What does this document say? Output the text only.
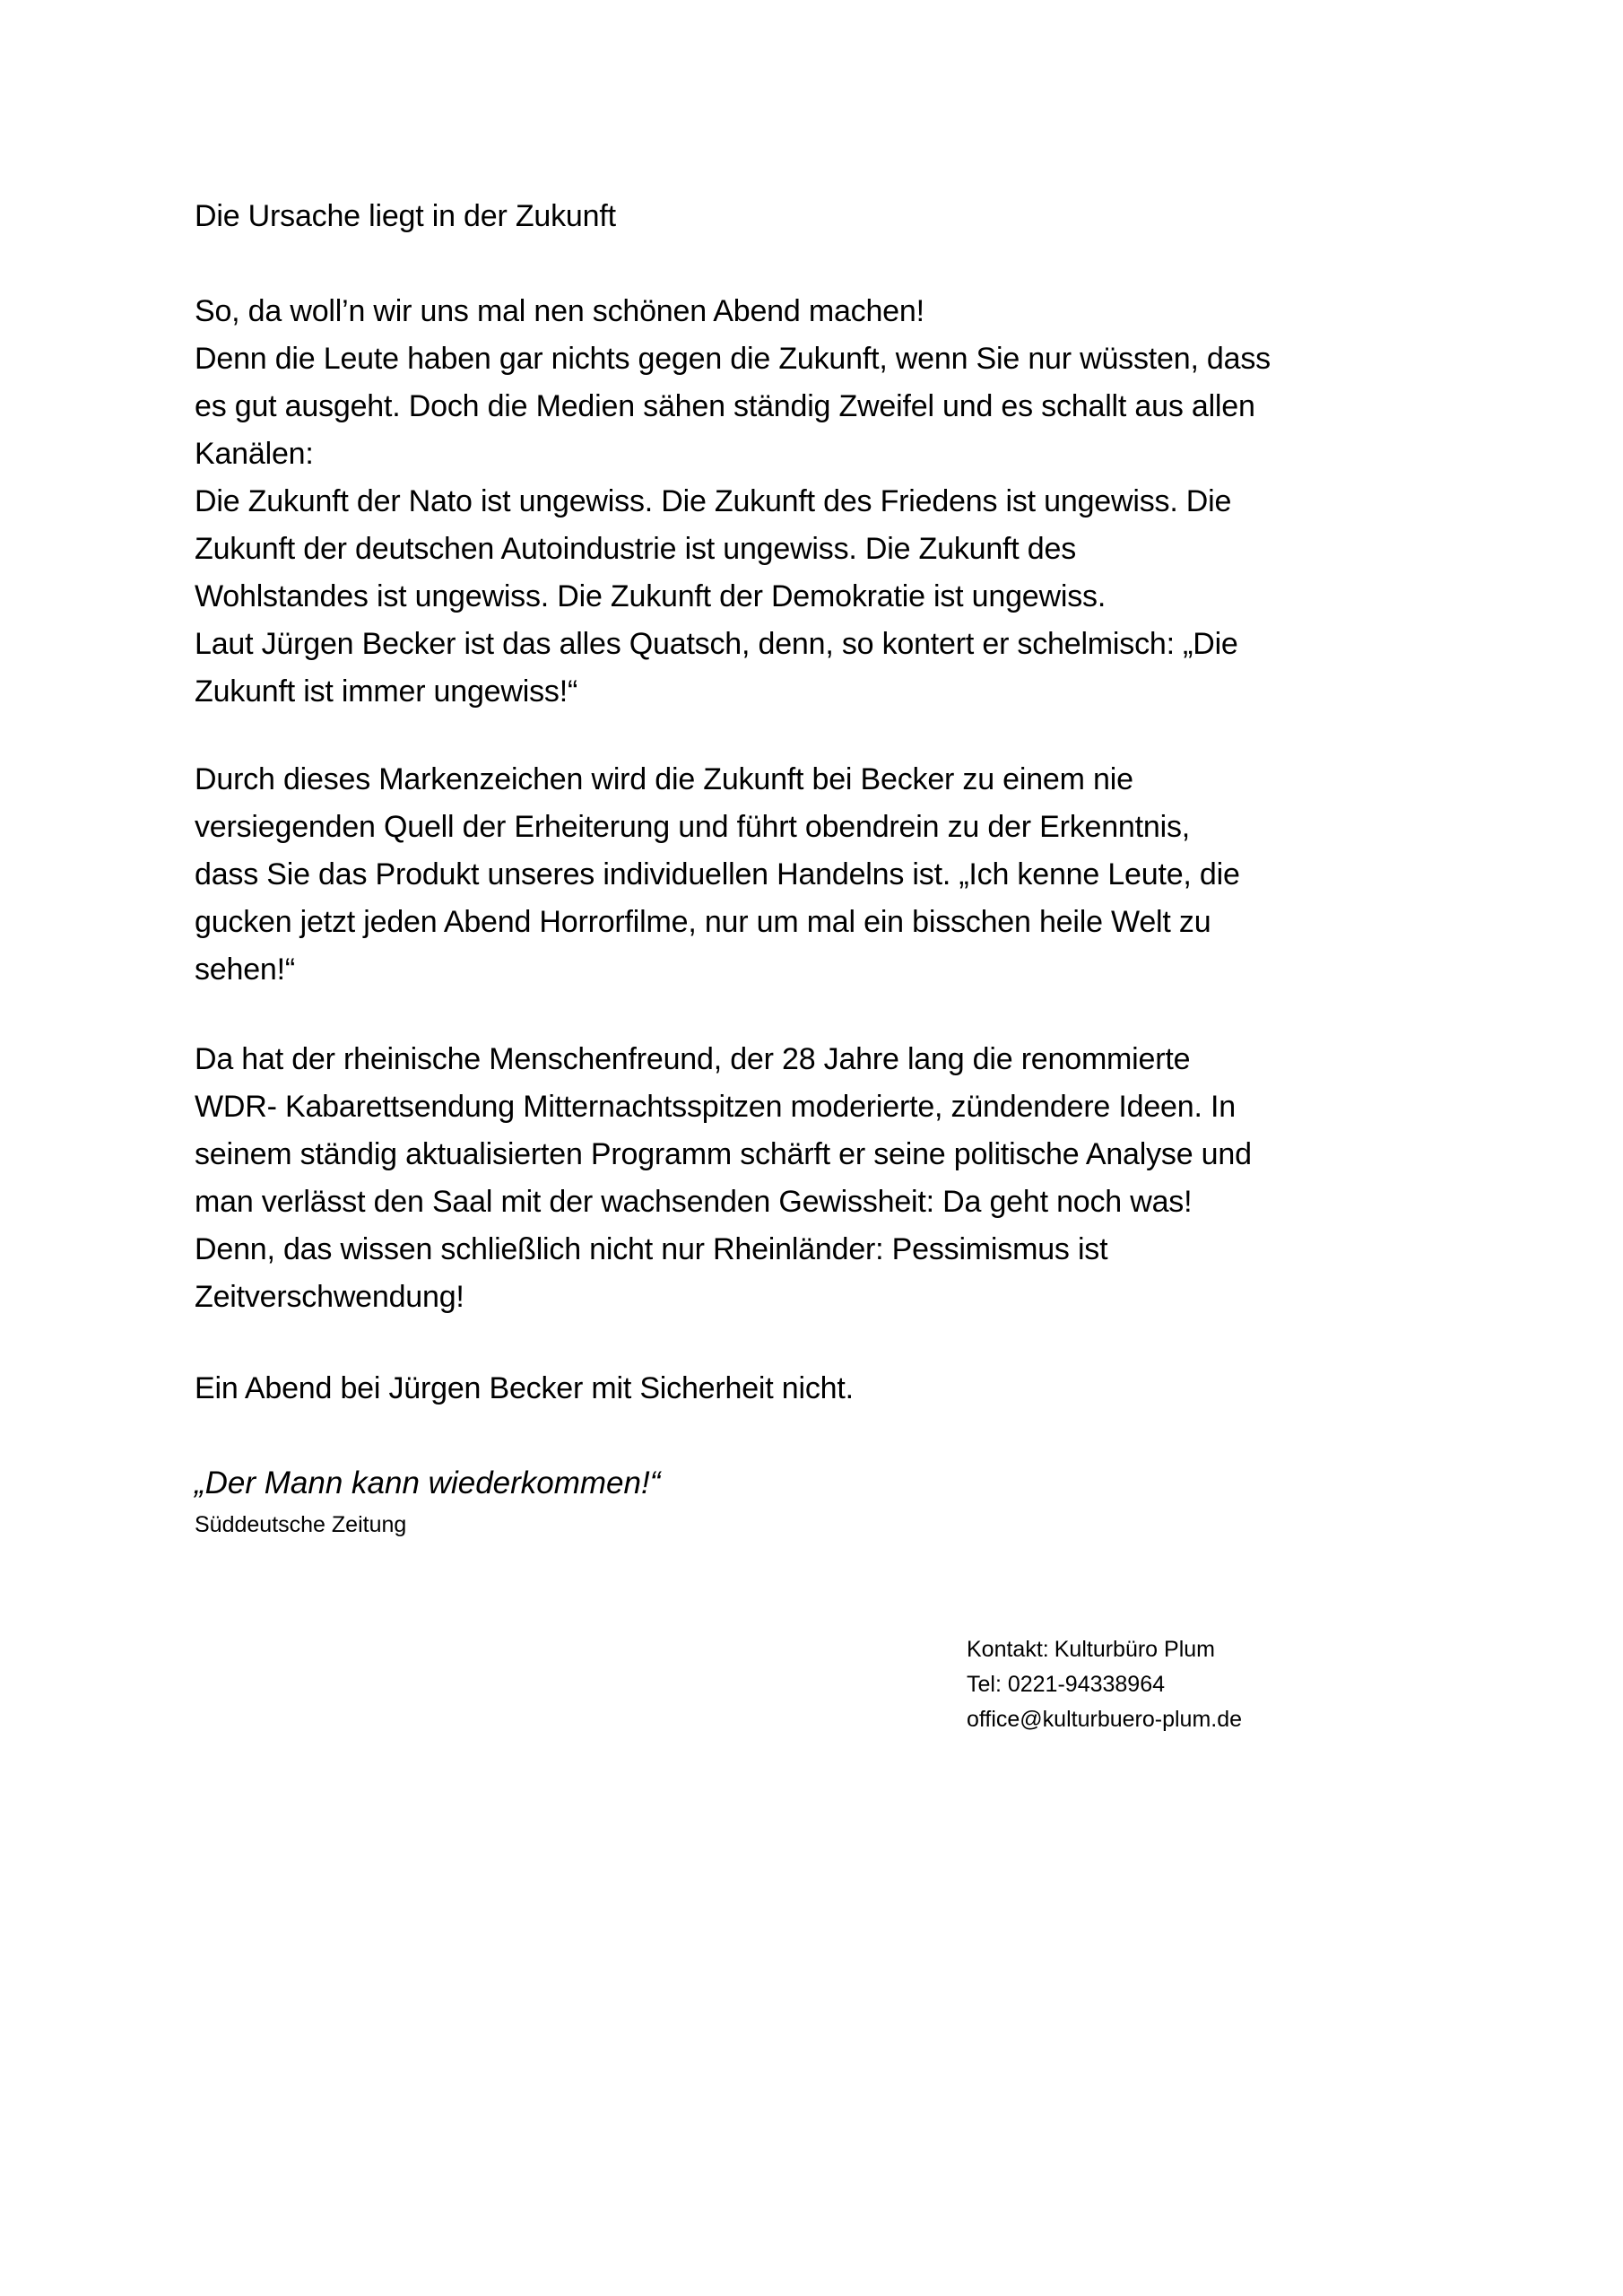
Die Ursache liegt in der Zukunft
So, da woll’n wir uns mal nen schönen Abend machen!
Denn die Leute haben gar nichts gegen die Zukunft, wenn Sie nur wüssten, dass
es gut ausgeht. Doch die Medien sähen ständig Zweifel und es schallt aus allen
Kanälen:
Die Zukunft der Nato ist ungewiss. Die Zukunft des Friedens ist ungewiss. Die
Zukunft der deutschen Autoindustrie ist ungewiss. Die Zukunft des
Wohlstandes ist ungewiss. Die Zukunft der Demokratie ist ungewiss.
Laut Jürgen Becker ist das alles Quatsch, denn, so kontert er schelmisch: „Die
Zukunft ist immer ungewiss!“
Durch dieses Markenzeichen wird die Zukunft bei Becker zu einem nie
versiegenden Quell der Erheiterung und führt obendrein zu der Erkenntnis,
dass Sie das Produkt unseres individuellen Handelns ist. „Ich kenne Leute, die
gucken jetzt jeden Abend Horrorfilme, nur um mal ein bisschen heile Welt zu
sehen!“
Da hat der rheinische Menschenfreund, der 28 Jahre lang die renommierte
WDR- Kabarettsendung Mitternachtsspitzen moderierte, zündendere Ideen. In
seinem ständig aktualisierten Programm schärft er seine politische Analyse und
man verlässt den Saal mit der wachsenden Gewissheit: Da geht noch was!
Denn, das wissen schließlich nicht nur Rheinländer: Pessimismus ist
Zeitverschwendung!
Ein Abend bei Jürgen Becker mit Sicherheit nicht.
„Der Mann kann wiederkommen!“
Süddeutsche Zeitung
Kontakt: Kulturbüro Plum
Tel: 0221-94338964
office@kulturbuero-plum.de
